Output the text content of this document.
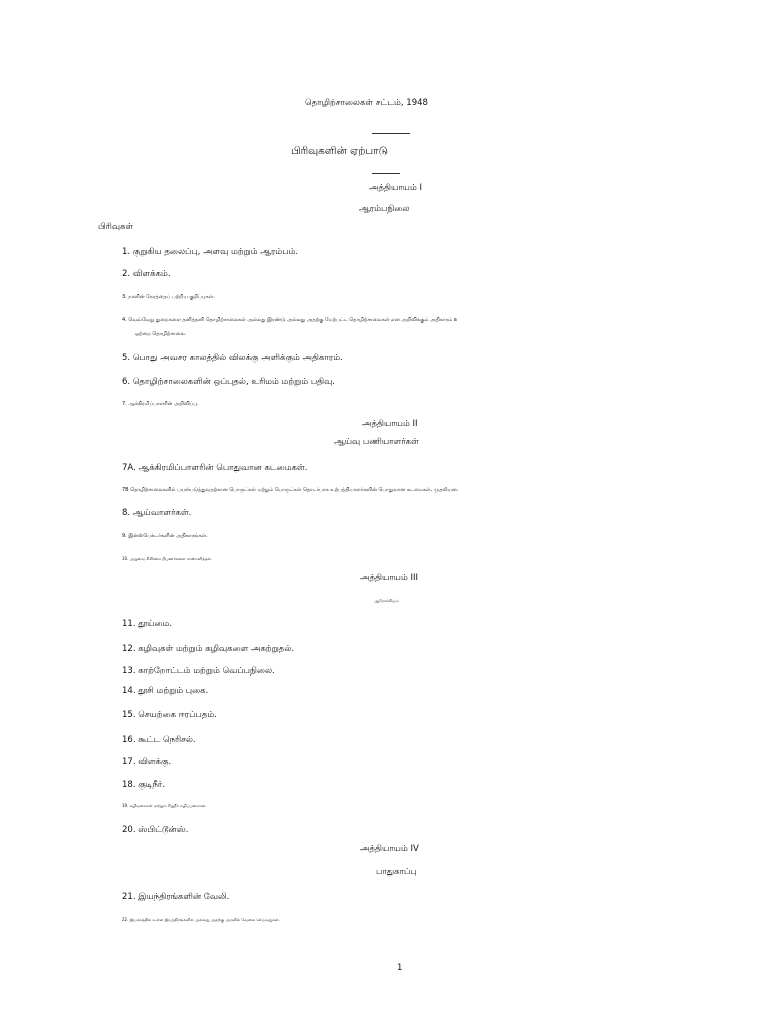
தொழிற்சாலைகள் சட்டம், 1948
பிரிவுகளின் ஏற்பாடு
அத்தியாயம் I
ஆரம்பநிலை
பிரிவுகள்
1. குறுகிய தலைப்பு, அளவு மற்றும் ஆரம்பம்.
2. விளக்கம்.
3. நாளின் நேரத்தைப் பற்றிய குறிப்புகள்.
4. வெவ்வேறு துறைகளை தனித்தனி தொழிற்சாலைகள் அல்லது இரண்டு அல்லது அதற்கு மேற்பட்ட தொழிற்சாலைகள் என அறிவிக்கும் அதிகாரம் a
ஒற்றை தொழிற்சாலை.
5. பொது அவசர காலத்தில் விலக்கு அளிக்கும் அதிகாரம்.
6. தொழிற்சாலைகளின் ஒப்புதல், உரிமம் மற்றும் பதிவு.
7. ஆக்கிரமிப்பாளரின் அறிவிப்பு.
அத்தியாயம் II
ஆய்வு பணியாளர்கள்
7A. ஆக்கிரமிப்பாளரின் பொதுவான கடமைகள்.
7B தொழிற்சாலைகளில் பயன்படுத்துவதற்கான பொருட்கள் மற்றும் பொருட்கள் தொடர்பாக உற்பத்தியாளர்களின் பொதுவான கடமைகள், முதலியன.
8. ஆய்வாளர்கள்.
9. இன்ஸ்பெக்டர்களின் அதிகாரங்கள்.
10. அறுவை சிகிச்சை நிபுணர்களை சான்றளித்தல்.
அத்தியாயம் III
ஆரோக்கியம்
11. தூய்மை.
12. கழிவுகள் மற்றும் கழிவுகளை அகற்றுதல்.
13. காற்றோட்டம் மற்றும் வெப்பநிலை.
14. தூசி மற்றும் புகை.
15. செயற்கை ஈரப்பதம்.
16. கூட்ட நெரிசல்.
17. விளக்கு.
18. குடிநீர்.
19. கழிவறைகள் மற்றும் சிறுநீர் கழிப்பறைகள்.
20. ஸ்பிட்டூன்ஸ்.
அத்தியாயம் IV
பாதுகாப்பு
21. இயந்திரங்களின் வேலி.
22. இயக்கத்தில் உள்ள இயந்திரங்களில் அல்லது அதற்கு அருகில் வேலை செய்வதுகள்.
1
